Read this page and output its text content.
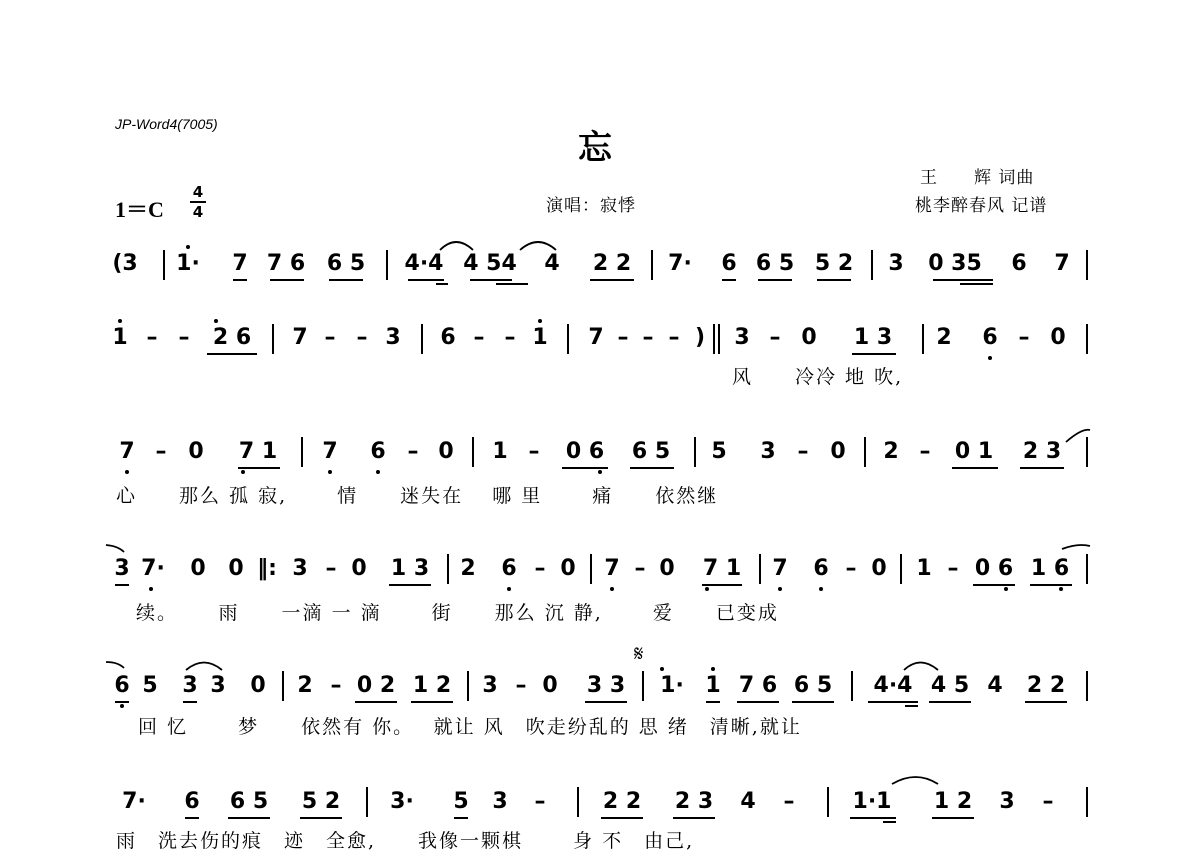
JP-Word4(7005)
忘
王　　辉 词曲
桃李醉春风 记谱
演唱：寂悸
1＝C
4
4
(3 1· 7 7 6 6 5 4·4 4 54 4 2 2 7· 6 6 5 5 2 3 0 35 6 7
1 – – 2 6 7 – – 3 6 – – 1 7 – – – ) 3 – 0 1 3 2 6 – 0
风　　冷冷 地 吹,
7 – 0 7 1 7 6 – 0 1 – 0 6 6 5 5 3 – 0 2 – 0 1 2 3
心　　那么 孤 寂,　　 情　　迷失在　 哪 里　　 痛　　依然继
3 7· 0 0 ‖: 3 – 0 1 3 2 6 – 0 7 – 0 7 1 7 6 – 0 1 – 0 6 1 6
续。　　 雨　　一滴 一 滴　　 街　　那么 沉 静,　　 爱　　已变成
𝄋
6 5 3 3 0 2 – 0 2 1 2 3 – 0 3 3 1· 1 7 6 6 5 4·4 4 5 4 2 2
回 忆　　 梦　　依然有 你。　 就让 风　吹走纷乱的 思 绪　清晰,就让
7· 6 6 5 5 2 3· 5 3 –	2 2 2 3 4 –	1·1 1 2 3 –
雨　洗去伤的痕　迹　全愈,　　我像一颗棋　　 身 不　由己,
